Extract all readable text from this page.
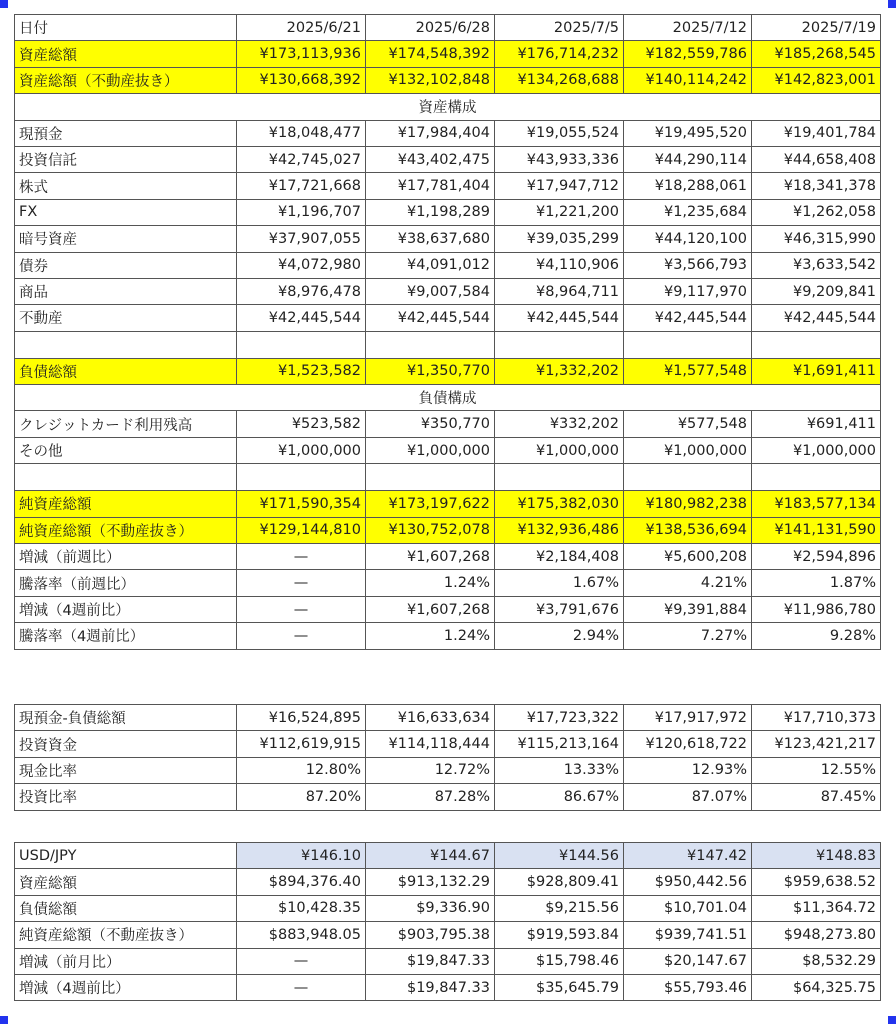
日付	2025/6/21	2025/6/28	2025/7/5	2025/7/12	2025/7/19
資産総額	¥173,113,936	¥174,548,392	¥176,714,232	¥182,559,786	¥185,268,545
資産総額（不動産抜き）	¥130,668,392	¥132,102,848	¥134,268,688	¥140,114,242	¥142,823,001
資産構成					
現預金	¥18,048,477	¥17,984,404	¥19,055,524	¥19,495,520	¥19,401,784
投資信託	¥42,745,027	¥43,402,475	¥43,933,336	¥44,290,114	¥44,658,408
株式	¥17,721,668	¥17,781,404	¥17,947,712	¥18,288,061	¥18,341,378
FX	¥1,196,707	¥1,198,289	¥1,221,200	¥1,235,684	¥1,262,058
暗号資産	¥37,907,055	¥38,637,680	¥39,035,299	¥44,120,100	¥46,315,990
債券	¥4,072,980	¥4,091,012	¥4,110,906	¥3,566,793	¥3,633,542
商品	¥8,976,478	¥9,007,584	¥8,964,711	¥9,117,970	¥9,209,841
不動産	¥42,445,544	¥42,445,544	¥42,445,544	¥42,445,544	¥42,445,544

負債総額	¥1,523,582	¥1,350,770	¥1,332,202	¥1,577,548	¥1,691,411
負債構成					
クレジットカード利用残高	¥523,582	¥350,770	¥332,202	¥577,548	¥691,411
その他	¥1,000,000	¥1,000,000	¥1,000,000	¥1,000,000	¥1,000,000

純資産総額	¥171,590,354	¥173,197,622	¥175,382,030	¥180,982,238	¥183,577,134
純資産総額（不動産抜き）	¥129,144,810	¥130,752,078	¥132,936,486	¥138,536,694	¥141,131,590
増減（前週比）	—	¥1,607,268	¥2,184,408	¥5,600,208	¥2,594,896
騰落率（前週比）	—	1.24%	1.67%	4.21%	1.87%
増減（4週前比）	—	¥1,607,268	¥3,791,676	¥9,391,884	¥11,986,780
騰落率（4週前比）	—	1.24%	2.94%	7.27%	9.28%
現預金-負債総額	¥16,524,895	¥16,633,634	¥17,723,322	¥17,917,972	¥17,710,373
投資資金	¥112,619,915	¥114,118,444	¥115,213,164	¥120,618,722	¥123,421,217
現金比率	12.80%	12.72%	13.33%	12.93%	12.55%
投資比率	87.20%	87.28%	86.67%	87.07%	87.45%
USD/JPY	¥146.10	¥144.67	¥144.56	¥147.42	¥148.83
資産総額	$894,376.40	$913,132.29	$928,809.41	$950,442.56	$959,638.52
負債総額	$10,428.35	$9,336.90	$9,215.56	$10,701.04	$11,364.72
純資産総額（不動産抜き）	$883,948.05	$903,795.38	$919,593.84	$939,741.51	$948,273.80
増減（前月比）	—	$19,847.33	$15,798.46	$20,147.67	$8,532.29
増減（4週前比）	—	$19,847.33	$35,645.79	$55,793.46	$64,325.75
